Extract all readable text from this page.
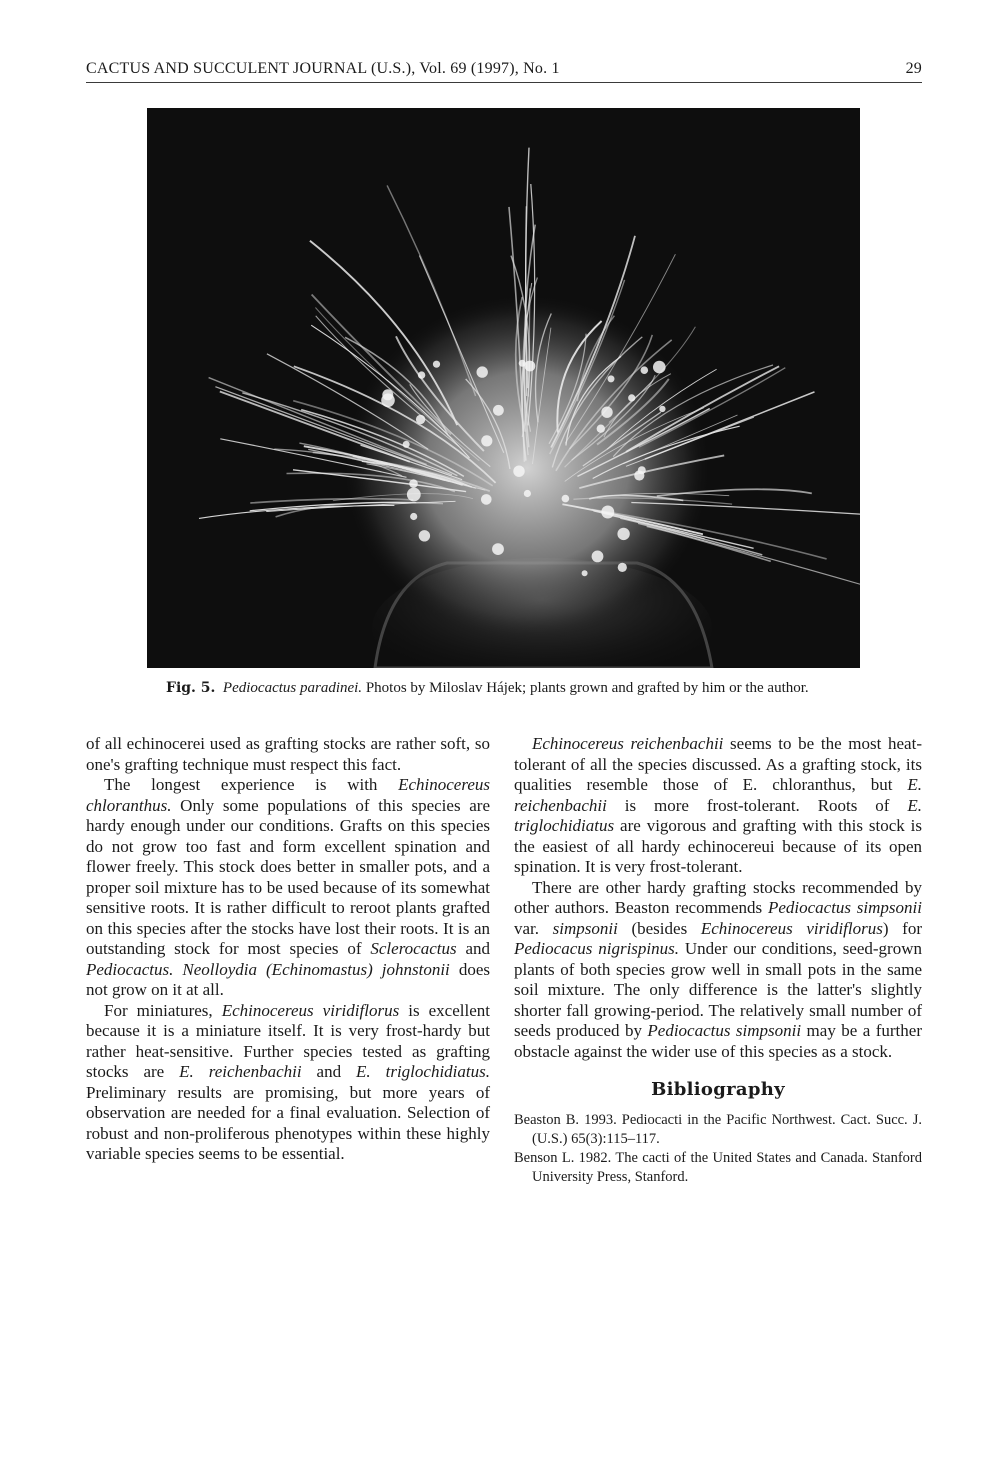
CACTUS AND SUCCULENT JOURNAL (U.S.), Vol. 69 (1997), No. 1	29
Fig. 5. Pediocactus paradinei. Photos by Miloslav Hájek; plants grown and grafted by him or the author.

of all echinocerei used as grafting stocks are rather soft, so one's grafting technique must respect this fact.

The longest experience is with Echinocereus chloranthus. Only some populations of this species are hardy enough under our conditions. Grafts on this species do not grow too fast and form excellent spination and flower freely. This stock does better in smaller pots, and a proper soil mixture has to be used because of its somewhat sensitive roots. It is rather difficult to reroot plants grafted on this species after the stocks have lost their roots. It is an outstanding stock for most species of Sclerocactus and Pediocactus. Neolloydia (Echinomastus) johnstonii does not grow on it at all.

For miniatures, Echinocereus viridiflorus is excellent because it is a miniature itself. It is very frost-hardy but rather heat-sensitive. Further species tested as grafting stocks are E. reichenbachii and E. triglochidiatus. Preliminary results are promising, but more years of observation are needed for a final evaluation. Selection of robust and non-proliferous phenotypes within these highly variable species seems to be essential.

Echinocereus reichenbachii seems to be the most heat-tolerant of all the species discussed. As a grafting stock, its qualities resemble those of E. chloranthus, but E. reichenbachii is more frost-tolerant. Roots of E. triglochidiatus are vigorous and grafting with this stock is the easiest of all hardy echinocereui because of its open spination. It is very frost-tolerant.

There are other hardy grafting stocks recommended by other authors. Beaston recommends Pediocactus simpsonii var. simpsonii (besides Echinocereus viridiflorus) for Pediocacus nigrispinus. Under our conditions, seed-grown plants of both species grow well in small pots in the same soil mixture. The only difference is the latter's slightly shorter fall growing-period. The relatively small number of seeds produced by Pediocactus simpsonii may be a further obstacle against the wider use of this species as a stock.

Bibliography

Beaston B. 1993. Pediocacti in the Pacific Northwest. Cact. Succ. J. (U.S.) 65(3):115–117.

Benson L. 1982. The cacti of the United States and Canada. Stanford University Press, Stanford.
